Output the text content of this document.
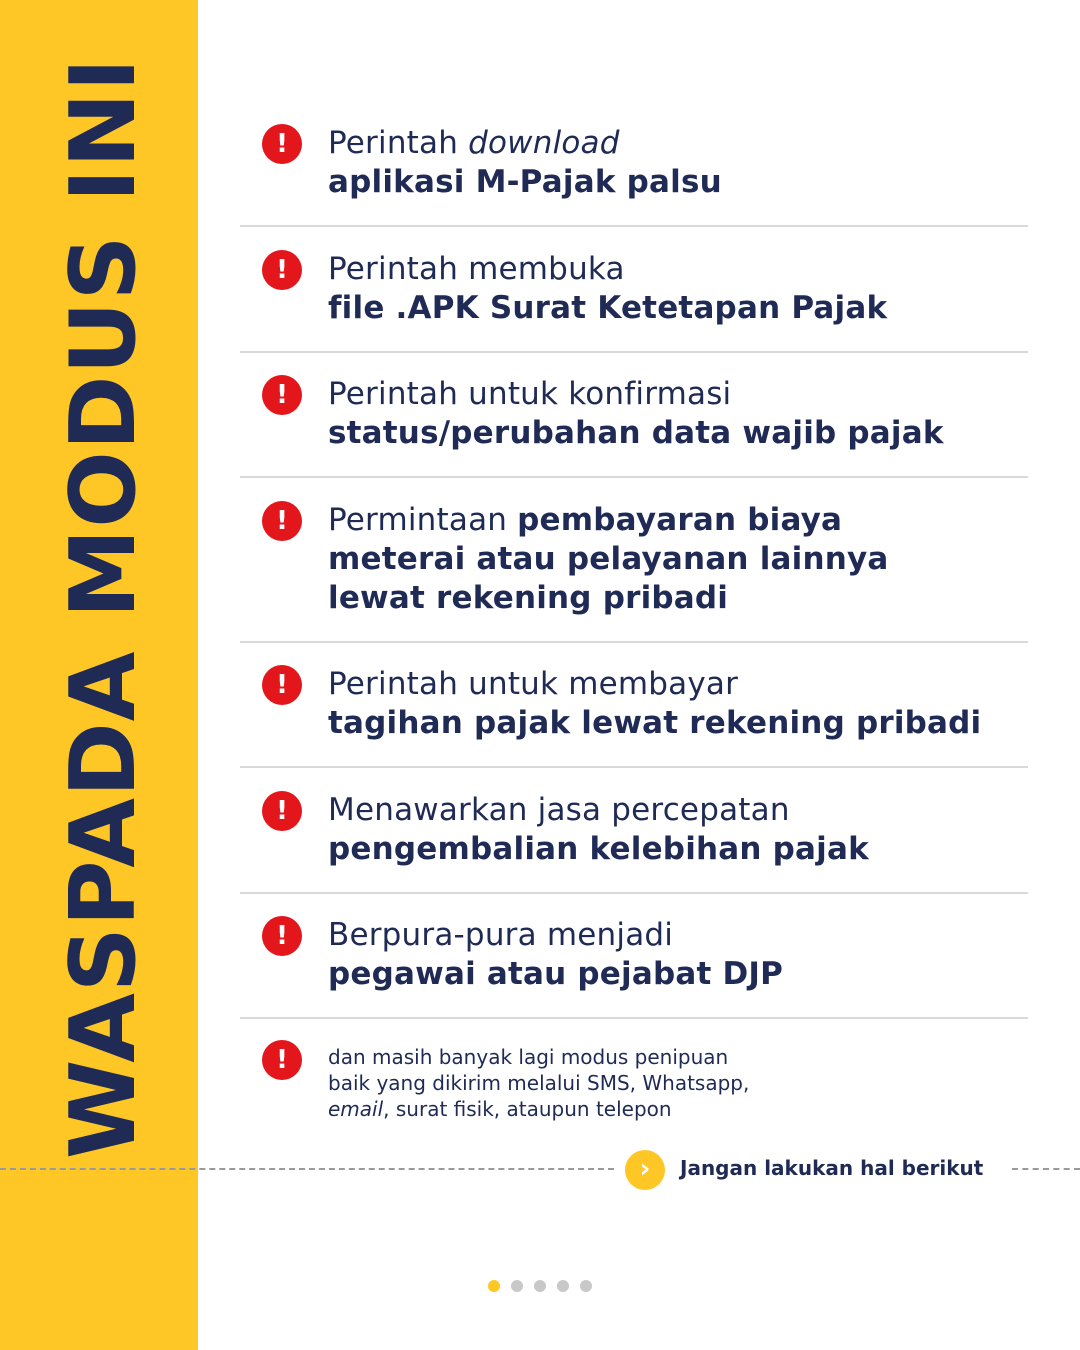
WASPADA MODUS INI	!	Perintah download
aplikasi M-Pajak palsu
!	Perintah membuka
file .APK Surat Ketetapan Pajak
!	Perintah untuk konfirmasi
status/perubahan data wajib pajak
!	Permintaan pembayaran biaya
meterai atau pelayanan lainnya
lewat rekening pribadi
!	Perintah untuk membayar
tagihan pajak lewat rekening pribadi
!	Menawarkan jasa percepatan
pengembalian kelebihan pajak
!	Berpura-pura menjadi
pegawai atau pejabat DJP
!	dan masih banyak lagi modus penipuan
baik yang dikirim melalui SMS, Whatsapp,
email, surat fisik, ataupun telepon
›	Jangan lakukan hal berikut
